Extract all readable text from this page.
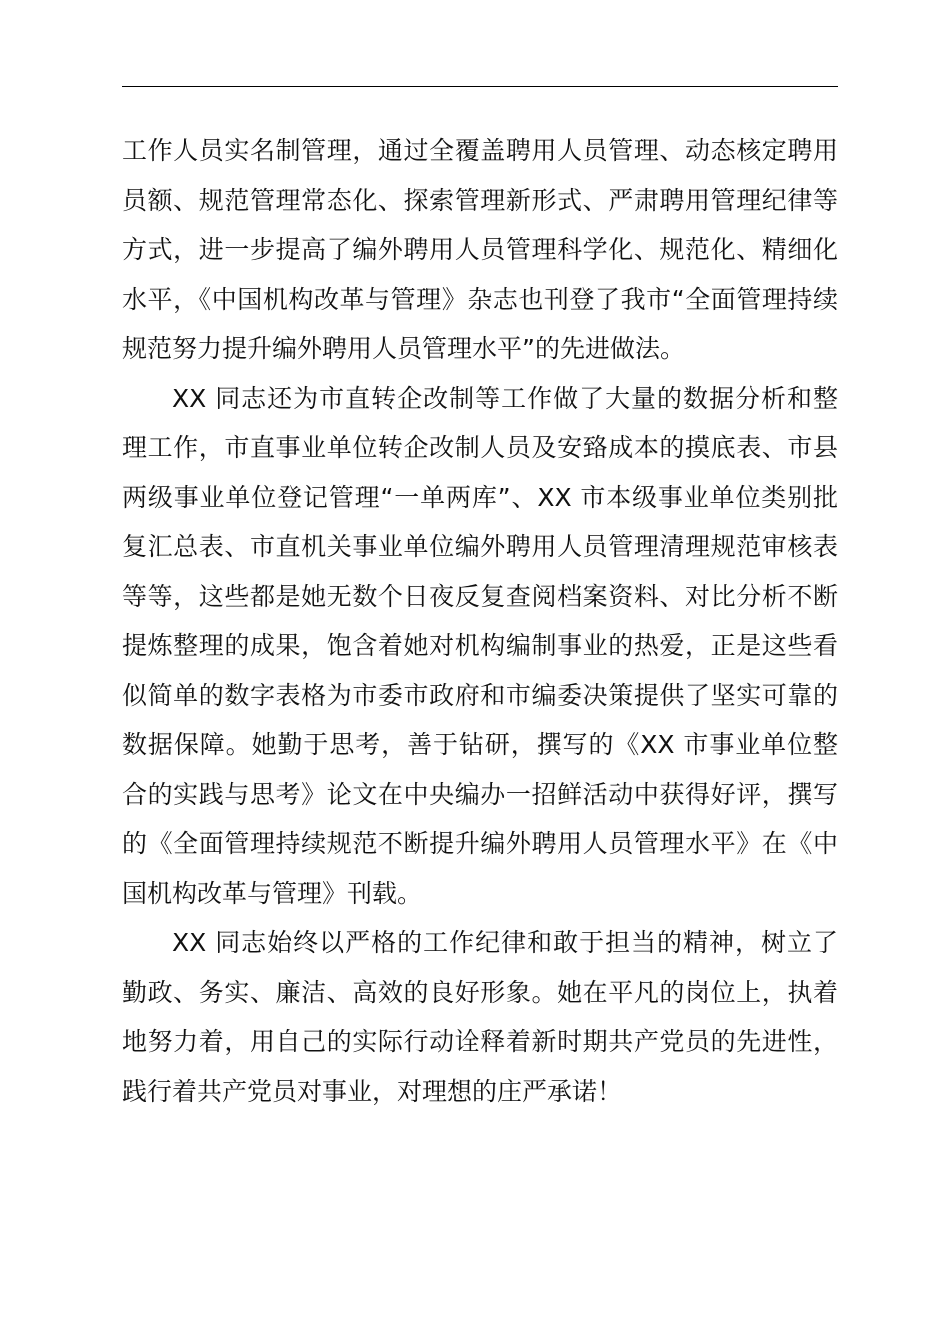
工作人员实名制管理，通过全覆盖聘用人员管理、动态核定聘用员额、规范管理常态化、探索管理新形式、严肃聘用管理纪律等方式，进一步提高了编外聘用人员管理科学化、规范化、精细化水平，《中国机构改革与管理》杂志也刊登了我市“全面管理持续规范努力提升编外聘用人员管理水平”的先进做法。

XX 同志还为市直转企改制等工作做了大量的数据分析和整理工作，市直事业单位转企改制人员及安臵成本的摸底表、市县两级事业单位登记管理“一单两库”、XX 市本级事业单位类别批复汇总表、市直机关事业单位编外聘用人员管理清理规范审核表等等，这些都是她无数个日夜反复查阅档案资料、对比分析不断提炼整理的成果，饱含着她对机构编制事业的热爱，正是这些看似简单的数字表格为市委市政府和市编委决策提供了坚实可靠的数据保障。她勤于思考，善于钻研，撰写的《XX 市事业单位整合的实践与思考》论文在中央编办一招鲜活动中获得好评，撰写的《全面管理持续规范不断提升编外聘用人员管理水平》在《中国机构改革与管理》刊载。

XX 同志始终以严格的工作纪律和敢于担当的精神，树立了勤政、务实、廉洁、高效的良好形象。她在平凡的岗位上，执着地努力着，用自己的实际行动诠释着新时期共产党员的先进性，践行着共产党员对事业，对理想的庄严承诺！
